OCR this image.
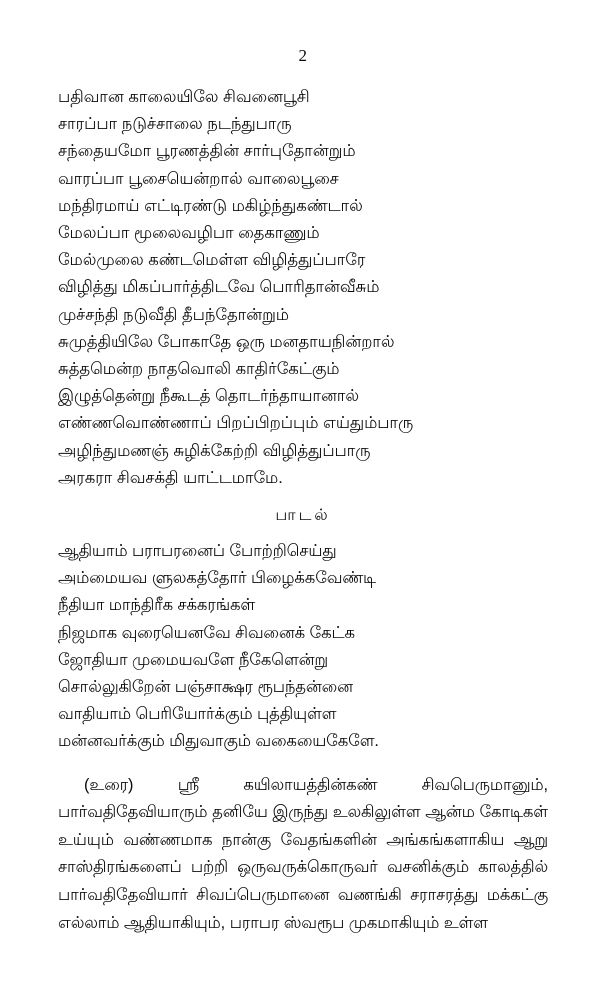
2
பதிவான காலையிலே சிவனைபூசி
சாரப்பா நடுச்சாலை நடந்துபாரு
சந்தையமோ பூரணத்தின் சார்புதோன்றும்
வாரப்பா பூசையென்றால் வாலைபூசை
மந்திரமாய் எட்டிரண்டு மகிழ்ந்துகண்டால்
மேலப்பா மூலைவழிபா தைகாணும்
மேல்முலை கண்டமெள்ள விழித்துப்பாரே
விழித்து மிகப்பார்த்திடவே பொரிதான்வீசும்
முச்சந்தி நடுவீதி தீபந்தோன்றும்
சுமுத்தியிலே போகாதே ஒரு மனதாயநின்றால்
சுத்தமென்ற நாதவொலி காதிர்கேட்கும்
இழுத்தென்று நீகூடத் தொடர்ந்தாயானால்
எண்ணவொண்ணாப் பிறப்பிறப்பும் எய்தும்பாரு
அழிந்துமணஞ் சுழிக்கேற்றி விழித்துப்பாரு
அரகரா சிவசக்தி யாட்டமாமே.
பாடல்
ஆதியாம் பராபரனைப் போற்றிசெய்து
அம்மையவ ளுலகத்தோர் பிழைக்கவேண்டி
நீதியா மாந்திரீக சக்கரங்கள்
நிஜமாக வுரையெனவே சிவனைக் கேட்க
ஜோதியா முமையவளே நீகேளென்று
சொல்லுகிறேன் பஞ்சாக்ஷர ரூபந்தன்னை
வாதியாம் பெரியோர்க்கும் புத்தியுள்ள
மன்னவர்க்கும் மிதுவாகும் வகையைகேளே.

(உரை) ஸ்ரீ கயிலாயத்தின்கண் சிவபெருமானும், பார்வதிதேவியாரும் தனியே இருந்து உலகிலுள்ள ஆன்ம கோடிகள் உய்யும் வண்ணமாக நான்கு வேதங்களின் அங்கங்களாகிய ஆறு சாஸ்திரங்களைப் பற்றி ஒருவருக்கொருவர் வசனிக்கும் காலத்தில் பார்வதிதேவியார் சிவப்பெருமானை வணங்கி சராசரத்து மக்கட்கு எல்லாம் ஆதியாகியும், பராபர ஸ்வரூப முகமாகியும் உள்ள
